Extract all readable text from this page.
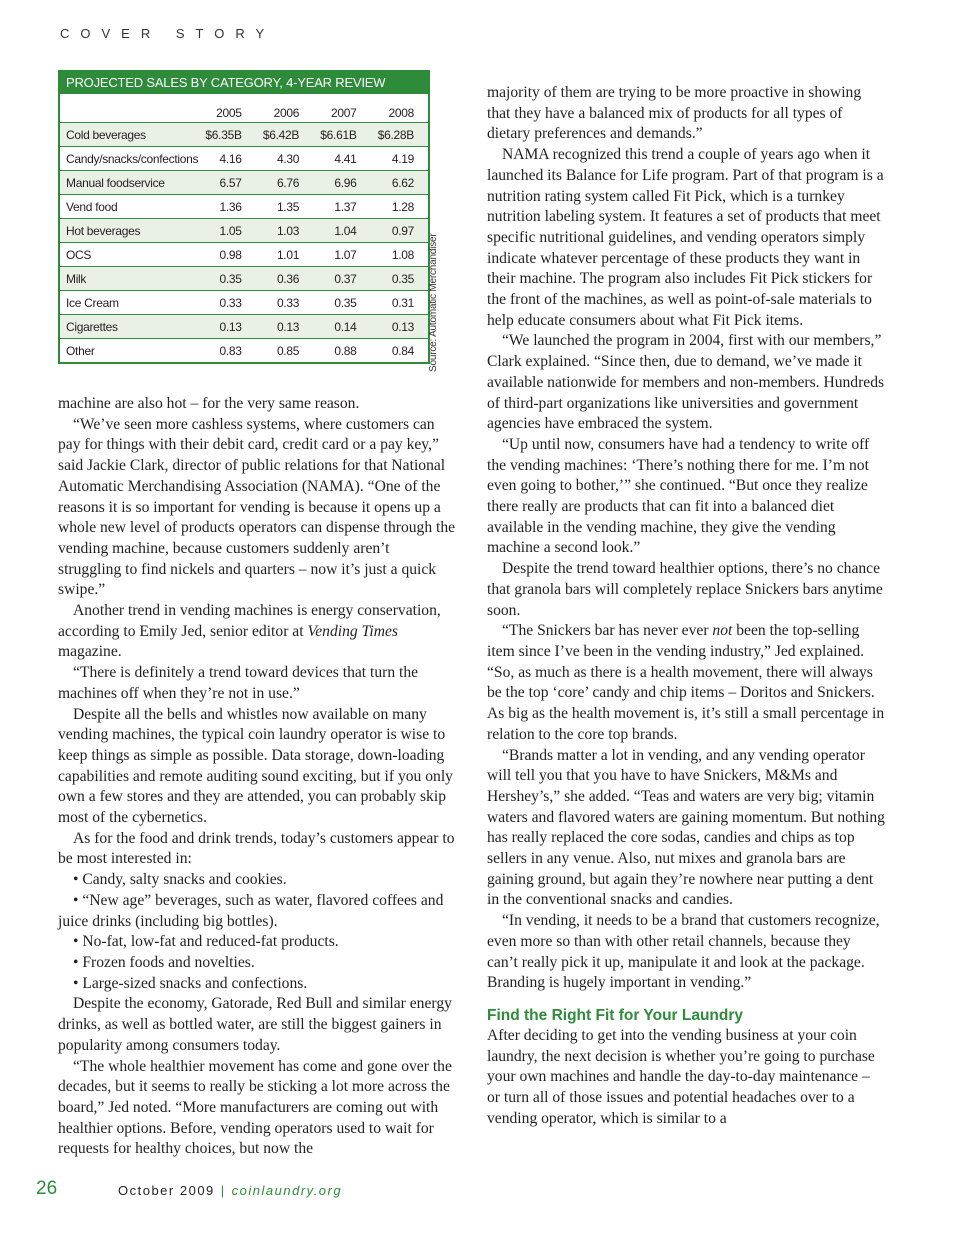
COVER STORY
PROJECTED SALES BY CATEGORY, 4-YEAR REVIEW
	2005	2006	2007	2008
Cold beverages	$6.35B	$6.42B	$6.61B	$6.28B
Candy/snacks/confections	4.16	4.30	4.41	4.19
Manual foodservice	6.57	6.76	6.96	6.62
Vend food	1.36	1.35	1.37	1.28
Hot beverages	1.05	1.03	1.04	0.97
OCS	0.98	1.01	1.07	1.08
Milk	0.35	0.36	0.37	0.35
Ice Cream	0.33	0.33	0.35	0.31
Cigarettes	0.13	0.13	0.14	0.13
Other	0.83	0.85	0.88	0.84 Source: Automatic Merchandiser

machine are also hot – for the very same reason.

“We’ve seen more cashless systems, where customers can pay for things with their debit card, credit card or a pay key,” said Jackie Clark, director of public relations for that National Automatic Merchandising Association (NAMA). “One of the reasons it is so important for vending is because it opens up a whole new level of products operators can dispense through the vending machine, because customers suddenly aren’t struggling to find nickels and quarters – now it’s just a quick swipe.”

Another trend in vending machines is energy conservation, according to Emily Jed, senior editor at Vending Times magazine.

“There is definitely a trend toward devices that turn the machines off when they’re not in use.”

Despite all the bells and whistles now available on many vending machines, the typical coin laundry operator is wise to keep things as simple as possible. Data storage, down-loading capabilities and remote auditing sound exciting, but if you only own a few stores and they are attended, you can probably skip most of the cybernetics.

As for the food and drink trends, today’s customers appear to be most interested in:

• Candy, salty snacks and cookies.

• “New age” beverages, such as water, flavored coffees and juice drinks (including big bottles).

• No-fat, low-fat and reduced-fat products.

• Frozen foods and novelties.

• Large-sized snacks and confections.

Despite the economy, Gatorade, Red Bull and similar energy drinks, as well as bottled water, are still the biggest gainers in popularity among consumers today.

“The whole healthier movement has come and gone over the decades, but it seems to really be sticking a lot more across the board,” Jed noted. “More manufacturers are coming out with healthier options. Before, vending operators used to wait for requests for healthy choices, but now the

majority of them are trying to be more proactive in showing that they have a balanced mix of products for all types of dietary preferences and demands.”

NAMA recognized this trend a couple of years ago when it launched its Balance for Life program. Part of that program is a nutrition rating system called Fit Pick, which is a turnkey nutrition labeling system. It features a set of products that meet specific nutritional guidelines, and vending operators simply indicate whatever percentage of these products they want in their machine. The program also includes Fit Pick stickers for the front of the machines, as well as point-of-sale materials to help educate consumers about what Fit Pick items.

“We launched the program in 2004, first with our members,” Clark explained. “Since then, due to demand, we’ve made it available nationwide for members and non-members. Hundreds of third-part organizations like universities and government agencies have embraced the system.

“Up until now, consumers have had a tendency to write off the vending machines: ‘There’s nothing there for me. I’m not even going to bother,’” she continued. “But once they realize there really are products that can fit into a balanced diet available in the vending machine, they give the vending machine a second look.”

Despite the trend toward healthier options, there’s no chance that granola bars will completely replace Snickers bars anytime soon.

“The Snickers bar has never ever not been the top-selling item since I’ve been in the vending industry,” Jed explained. “So, as much as there is a health movement, there will always be the top ‘core’ candy and chip items – Doritos and Snickers. As big as the health movement is, it’s still a small percentage in relation to the core top brands.

“Brands matter a lot in vending, and any vending operator will tell you that you have to have Snickers, M&Ms and Hershey’s,” she added. “Teas and waters are very big; vitamin waters and flavored waters are gaining momentum. But nothing has really replaced the core sodas, candies and chips as top sellers in any venue. Also, nut mixes and granola bars are gaining ground, but again they’re nowhere near putting a dent in the conventional snacks and candies.

“In vending, it needs to be a brand that customers recognize, even more so than with other retail channels, because they can’t really pick it up, manipulate it and look at the package. Branding is hugely important in vending.”

Find the Right Fit for Your Laundry

After deciding to get into the vending business at your coin laundry, the next decision is whether you’re going to purchase your own machines and handle the day-to-day maintenance – or turn all of those issues and potential headaches over to a vending operator, which is similar to a

26	October 2009 | coinlaundry.org
